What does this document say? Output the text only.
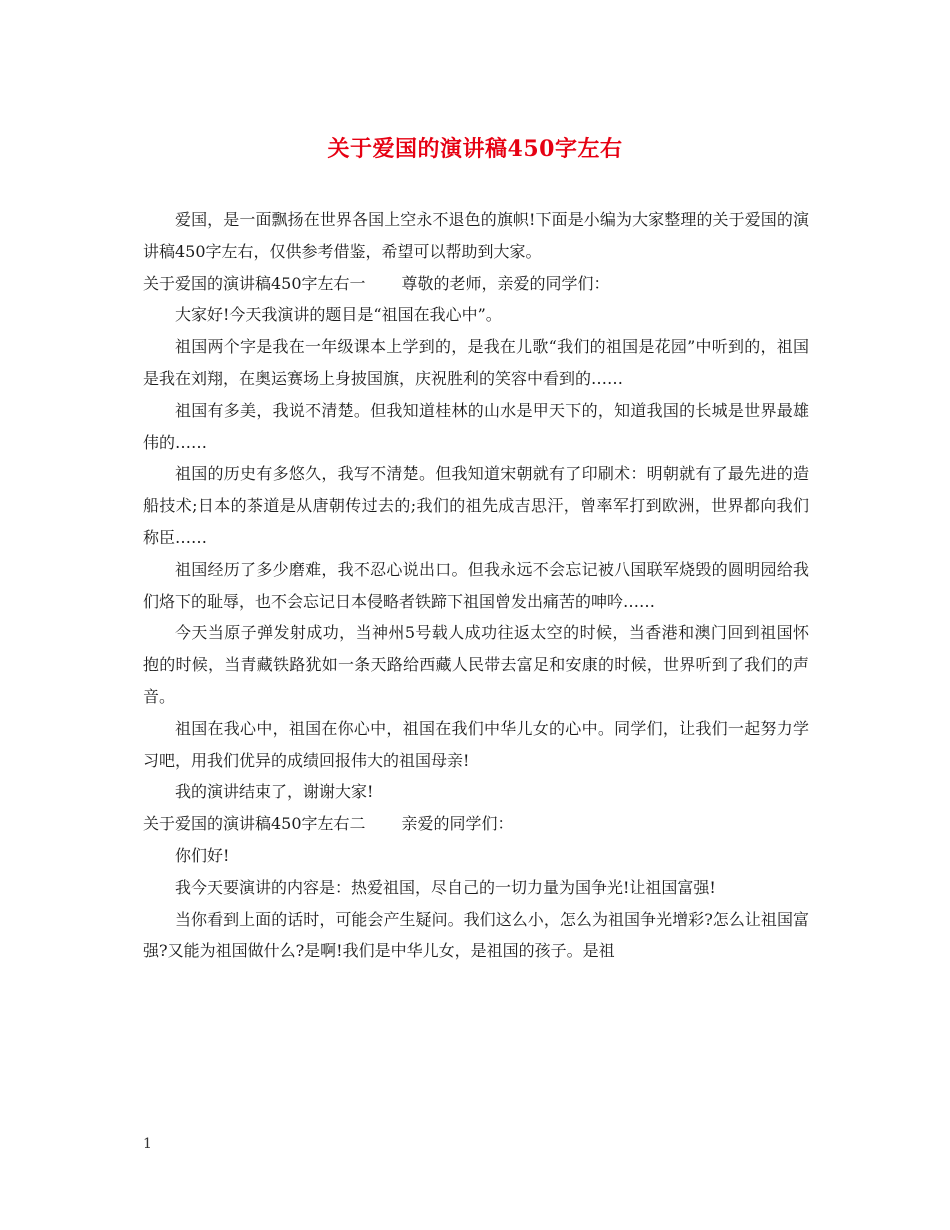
关于爱国的演讲稿450字左右

爱国，是一面飘扬在世界各国上空永不退色的旗帜!下面是小编为大家整理的关于爱国的演讲稿450字左右，仅供参考借鉴，希望可以帮助到大家。

关于爱国的演讲稿450字左右一 尊敬的老师，亲爱的同学们：

大家好!今天我演讲的题目是“祖国在我心中”。

祖国两个字是我在一年级课本上学到的，是我在儿歌“我们的祖国是花园”中听到的，祖国是我在刘翔，在奥运赛场上身披国旗，庆祝胜利的笑容中看到的……

祖国有多美，我说不清楚。但我知道桂林的山水是甲天下的，知道我国的长城是世界最雄伟的……

祖国的历史有多悠久，我写不清楚。但我知道宋朝就有了印刷术：明朝就有了最先进的造船技术;日本的茶道是从唐朝传过去的;我们的祖先成吉思汗，曾率军打到欧洲，世界都向我们称臣……

祖国经历了多少磨难，我不忍心说出口。但我永远不会忘记被八国联军烧毁的圆明园给我们烙下的耻辱，也不会忘记日本侵略者铁蹄下祖国曾发出痛苦的呻吟……

今天当原子弹发射成功，当神州5号载人成功往返太空的时候，当香港和澳门回到祖国怀抱的时候，当青藏铁路犹如一条天路给西藏人民带去富足和安康的时候，世界听到了我们的声音。

祖国在我心中，祖国在你心中，祖国在我们中华儿女的心中。同学们，让我们一起努力学习吧，用我们优异的成绩回报伟大的祖国母亲!

我的演讲结束了，谢谢大家!

关于爱国的演讲稿450字左右二 亲爱的同学们：

你们好!

我今天要演讲的内容是：热爱祖国，尽自己的一切力量为国争光!让祖国富强!

当你看到上面的话时，可能会产生疑问。我们这么小，怎么为祖国争光增彩?怎么让祖国富强?又能为祖国做什么?是啊!我们是中华儿女，是祖国的孩子。是祖

1
